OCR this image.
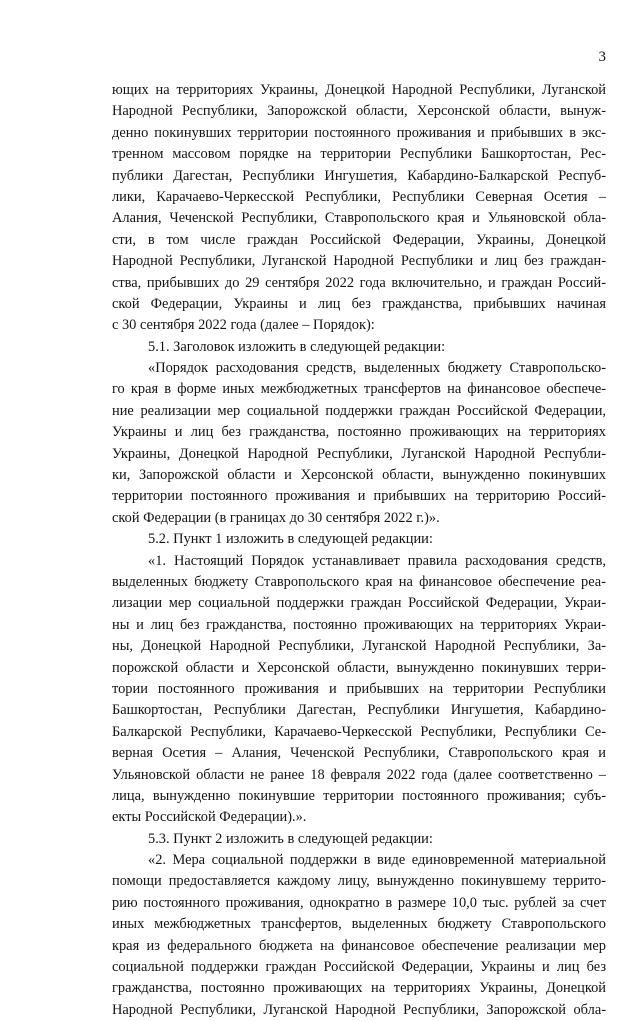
3
ющих на территориях Украины, Донецкой Народной Республики, Луганской
Народной Республики, Запорожской области, Херсонской области, вынуж-
денно покинувших территории постоянного проживания и прибывших в экс-
тренном массовом порядке на территории Республики Башкортостан, Рес-
публики Дагестан, Республики Ингушетия, Кабардино-Балкарской Респуб-
лики, Карачаево-Черкесской Республики, Республики Северная Осетия –
Алания, Чеченской Республики, Ставропольского края и Ульяновской обла-
сти, в том числе граждан Российской Федерации, Украины, Донецкой
Народной Республики, Луганской Народной Республики и лиц без граждан-
ства, прибывших до 29 сентября 2022 года включительно, и граждан Россий-
ской Федерации, Украины и лиц без гражданства, прибывших начиная
с 30 сентября 2022 года (далее – Порядок):
5.1. Заголовок изложить в следующей редакции:
«Порядок расходования средств, выделенных бюджету Ставропольско-
го края в форме иных межбюджетных трансфертов на финансовое обеспече-
ние реализации мер социальной поддержки граждан Российской Федерации,
Украины и лиц без гражданства, постоянно проживающих на территориях
Украины, Донецкой Народной Республики, Луганской Народной Республи-
ки, Запорожской области и Херсонской области, вынужденно покинувших
территории постоянного проживания и прибывших на территорию Россий-
ской Федерации (в границах до 30 сентября 2022 г.)».
5.2. Пункт 1 изложить в следующей редакции:
«1. Настоящий Порядок устанавливает правила расходования средств,
выделенных бюджету Ставропольского края на финансовое обеспечение реа-
лизации мер социальной поддержки граждан Российской Федерации, Украи-
ны и лиц без гражданства, постоянно проживающих на территориях Украи-
ны, Донецкой Народной Республики, Луганской Народной Республики, За-
порожской области и Херсонской области, вынужденно покинувших терри-
тории постоянного проживания и прибывших на территории Республики
Башкортостан, Республики Дагестан, Республики Ингушетия, Кабардино-
Балкарской Республики, Карачаево-Черкесской Республики, Республики Се-
верная Осетия – Алания, Чеченской Республики, Ставропольского края и
Ульяновской области не ранее 18 февраля 2022 года (далее соответственно –
лица, вынужденно покинувшие территории постоянного проживания; субъ-
екты Российской Федерации).».
5.3. Пункт 2 изложить в следующей редакции:
«2. Мера социальной поддержки в виде единовременной материальной
помощи предоставляется каждому лицу, вынужденно покинувшему террито-
рию постоянного проживания, однократно в размере 10,0 тыс. рублей за счет
иных межбюджетных трансфертов, выделенных бюджету Ставропольского
края из федерального бюджета на финансовое обеспечение реализации мер
социальной поддержки граждан Российской Федерации, Украины и лиц без
гражданства, постоянно проживающих на территориях Украины, Донецкой
Народной Республики, Луганской Народной Республики, Запорожской обла-
